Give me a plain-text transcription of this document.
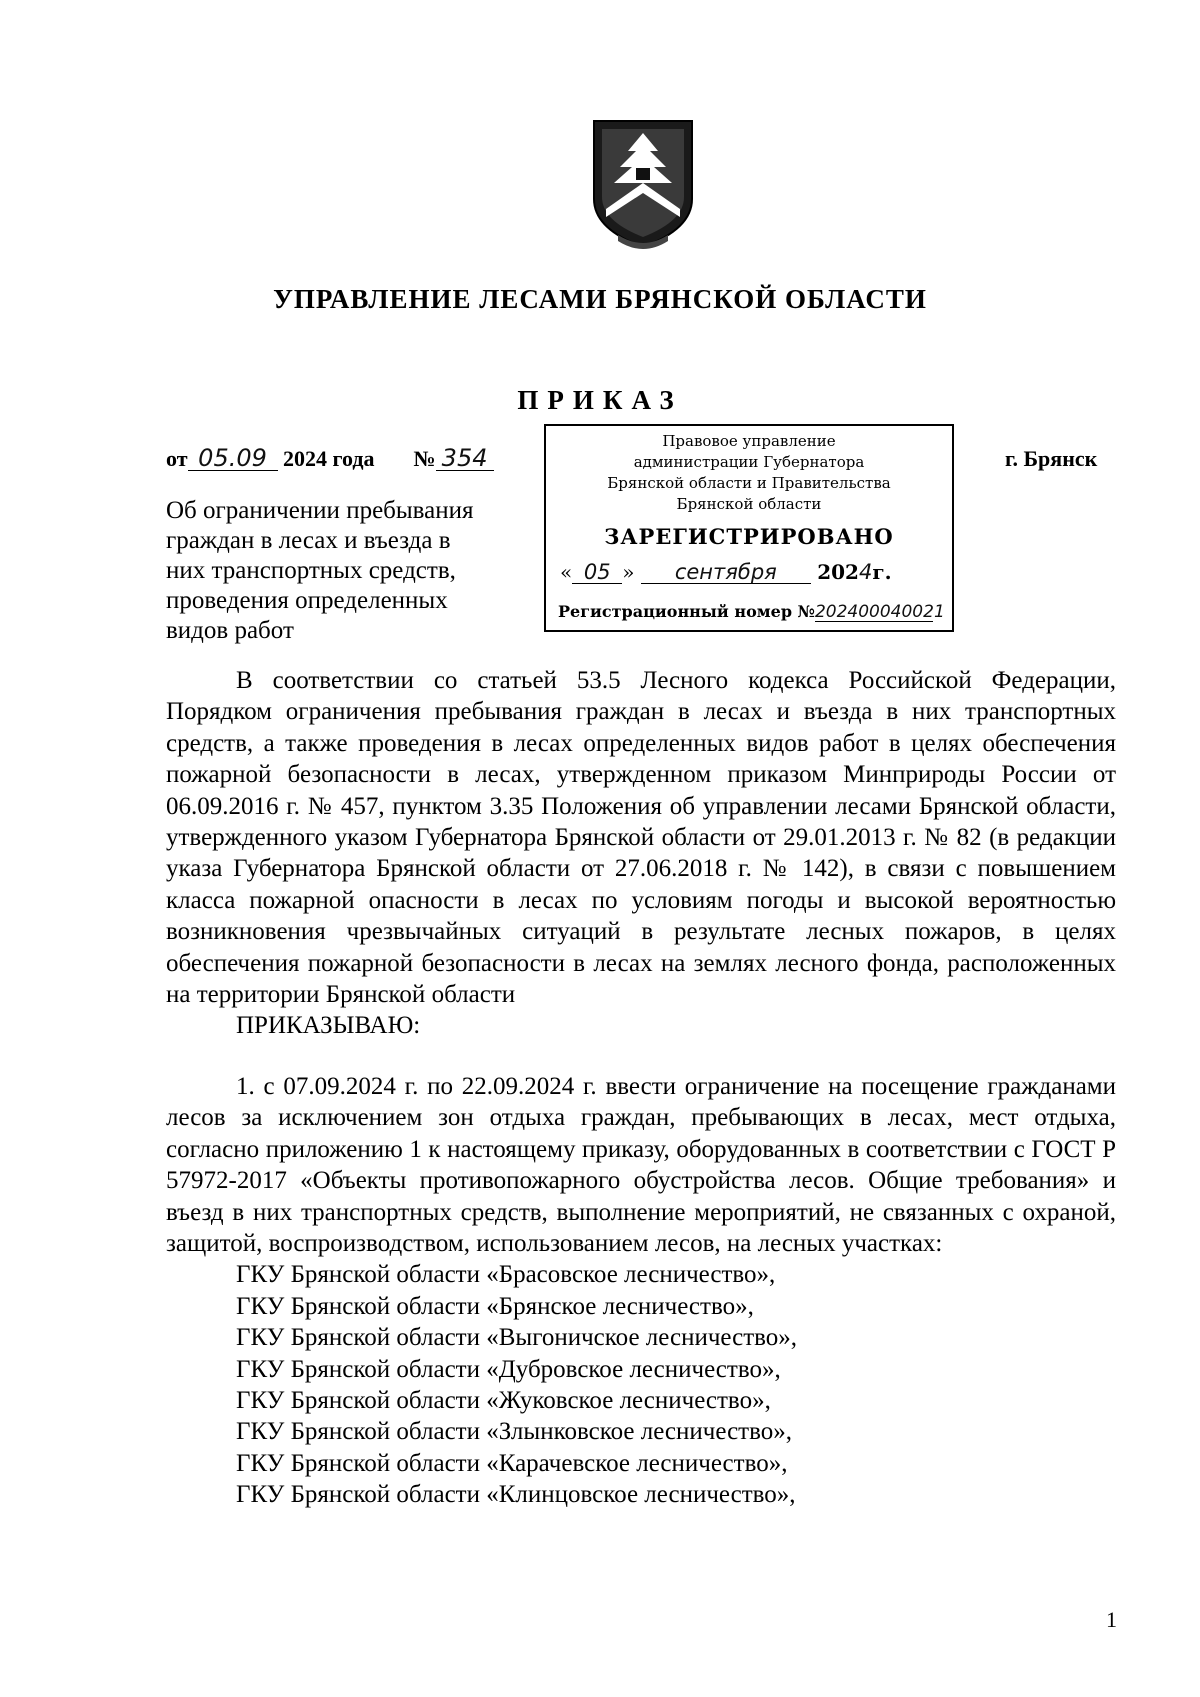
УПРАВЛЕНИЕ ЛЕСАМИ БРЯНСКОЙ ОБЛАСТИ
ПРИКАЗ
от 05.09 2024 года № 354	г. Брянск
Об ограничении пребывания
граждан в лесах и въезда в
них транспортных средств,
проведения определенных
видов работ
Правовое управление
администрации Губернатора
Брянской области и Правительства
Брянской области
ЗАРЕГИСТРИРОВАНО
« 05 » сентября 2024г.
Регистрационный номер №202400040021
В соответствии со статьей 53.5 Лесного кодекса Российской Федерации, Порядком ограничения пребывания граждан в лесах и въезда в них транспортных средств, а также проведения в лесах определенных видов работ в целях обеспечения пожарной безопасности в лесах, утвержденном приказом Минприроды России от 06.09.2016 г. № 457, пунктом 3.35 Положения об управлении лесами Брянской области, утвержденного указом Губернатора Брянской области от 29.01.2013 г. № 82 (в редакции указа Губернатора Брянской области от 27.06.2018 г. № 142), в связи с повышением класса пожарной опасности в лесах по условиям погоды и высокой вероятностью возникновения чрезвычайных ситуаций в результате лесных пожаров, в целях обеспечения пожарной безопасности в лесах на землях лесного фонда, расположенных на территории Брянской области
ПРИКАЗЫВАЮ:
1. с 07.09.2024 г. по 22.09.2024 г. ввести ограничение на посещение гражданами лесов за исключением зон отдыха граждан, пребывающих в лесах, мест отдыха, согласно приложению 1 к настоящему приказу, оборудованных в соответствии с ГОСТ Р 57972-2017 «Объекты противопожарного обустройства лесов. Общие требования» и въезд в них транспортных средств, выполнение мероприятий, не связанных с охраной, защитой, воспроизводством, использованием лесов, на лесных участках:
ГКУ Брянской области «Брасовское лесничество»,
ГКУ Брянской области «Брянское лесничество»,
ГКУ Брянской области «Выгоничское лесничество»,
ГКУ Брянской области «Дубровское лесничество»,
ГКУ Брянской области «Жуковское лесничество»,
ГКУ Брянской области «Злынковское лесничество»,
ГКУ Брянской области «Карачевское лесничество»,
ГКУ Брянской области «Клинцовское лесничество»,
1
